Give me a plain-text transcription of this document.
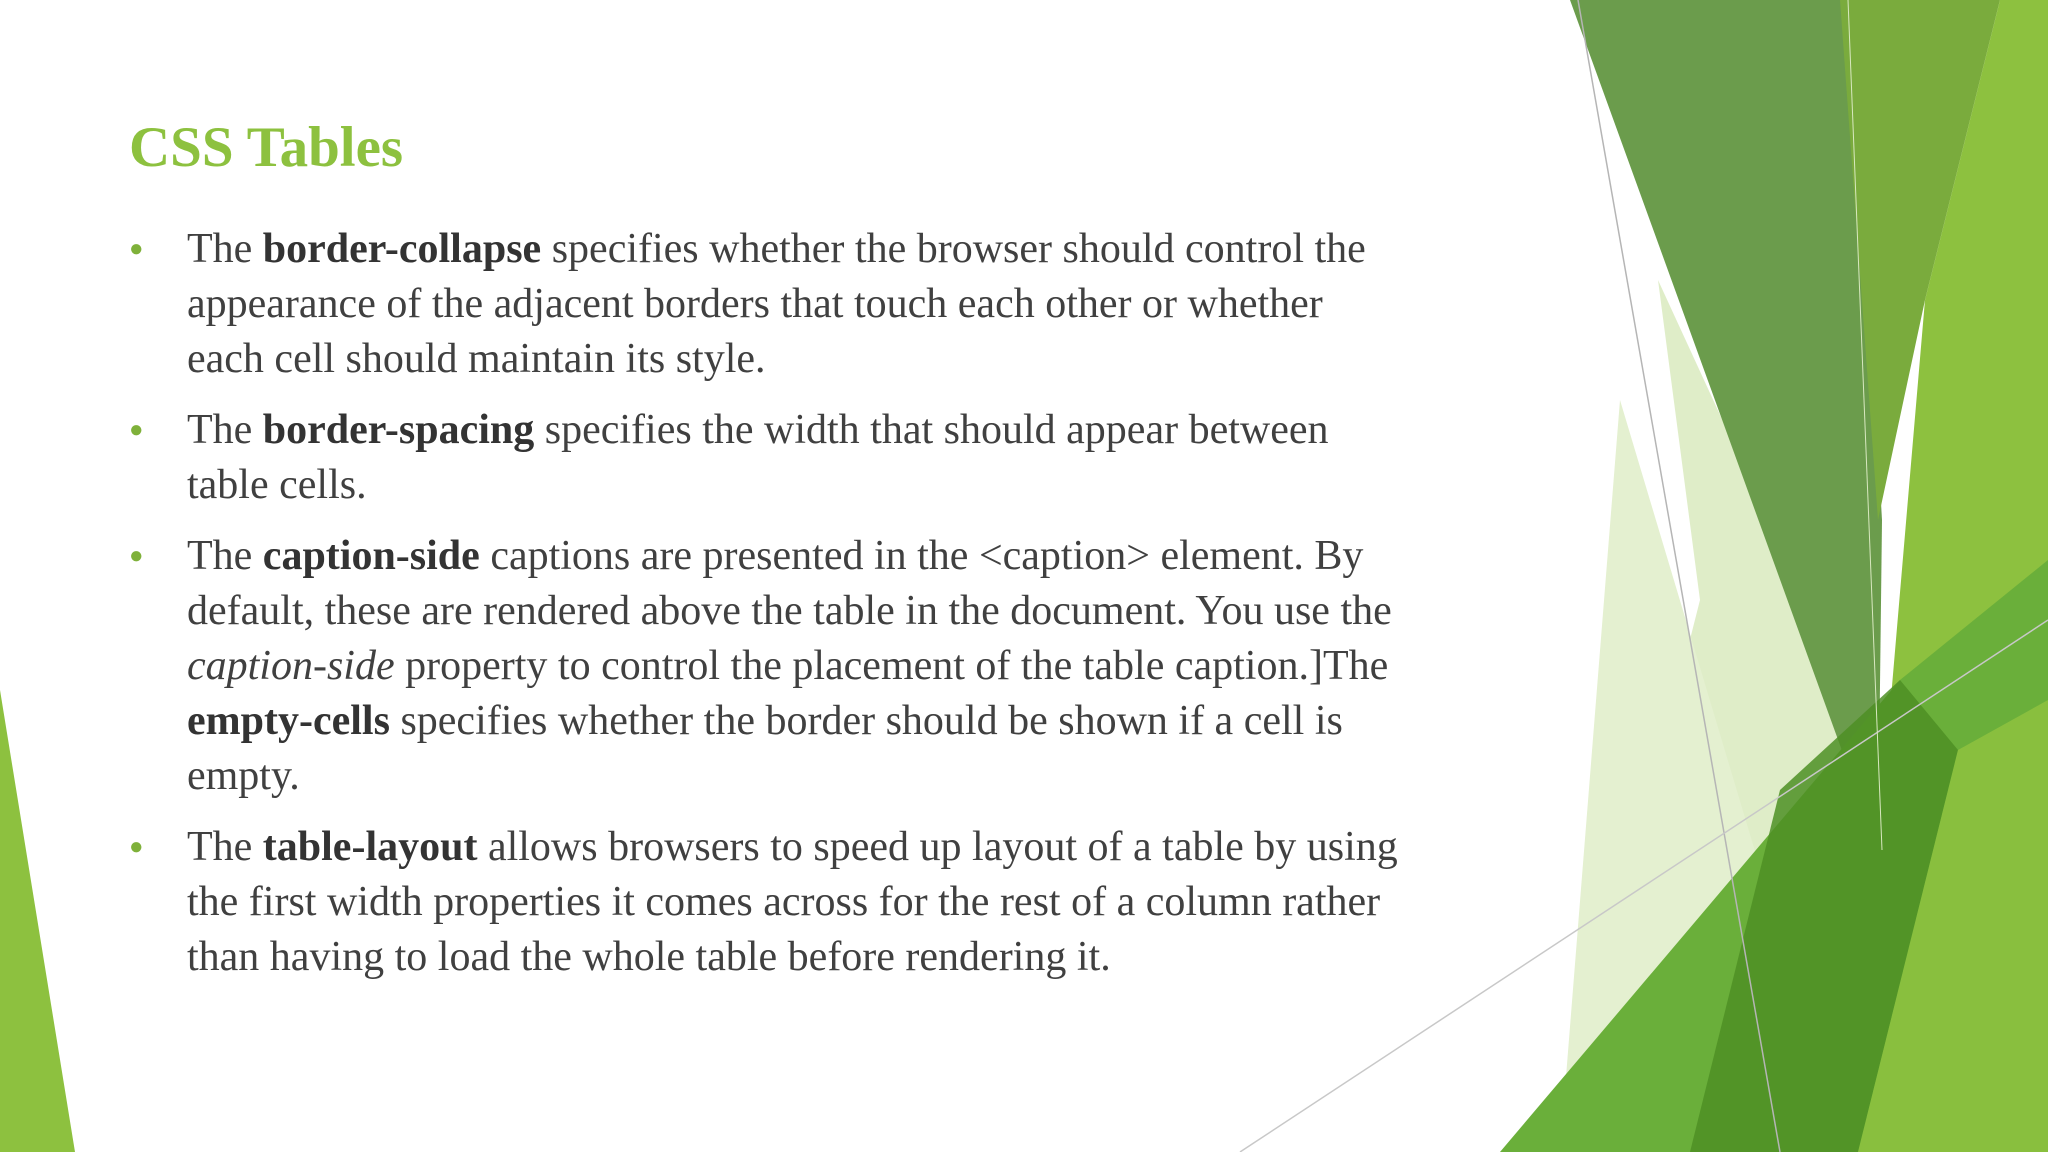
CSS Tables
● The border-collapse specifies whether the browser should control the
appearance of the adjacent borders that touch each other or whether
each cell should maintain its style.
● The border-spacing specifies the width that should appear between
table cells.
● The caption-side captions are presented in the <caption> element. By
default, these are rendered above the table in the document. You use the
caption-side property to control the placement of the table caption.]The
empty-cells specifies whether the border should be shown if a cell is
empty.
● The table-layout allows browsers to speed up layout of a table by using
the first width properties it comes across for the rest of a column rather
than having to load the whole table before rendering it.
